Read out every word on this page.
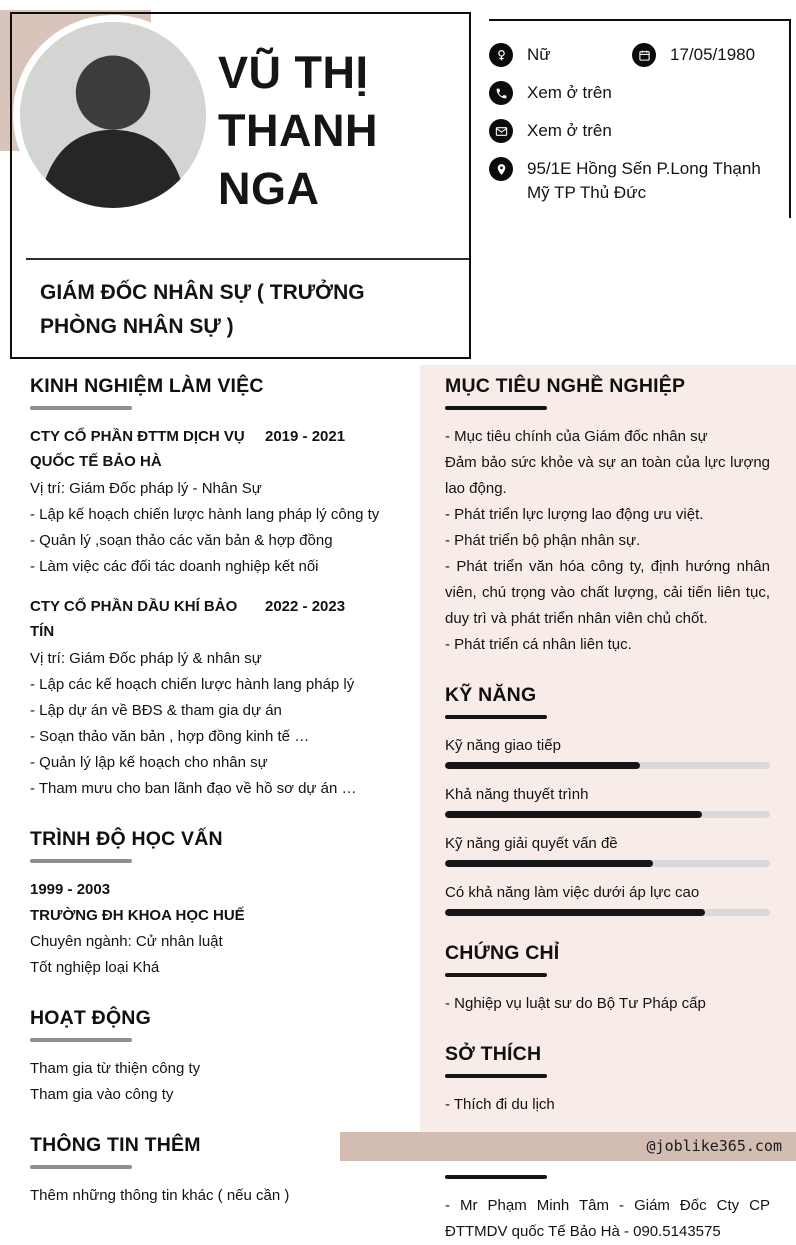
VŨ THỊ THANH NGA
GIÁM ĐỐC NHÂN SỰ ( TRƯỞNG PHÒNG NHÂN SỰ )
Nữ	17/05/1980
Xem ở trên
Xem ở trên
95/1E Hồng Sến P.Long Thạnh Mỹ TP Thủ Đức
KINH NGHIỆM LÀM VIỆC
CTY CỔ PHẦN ĐTTM DỊCH VỤ QUỐC TẾ BẢO HÀ
2019 - 2021
Vị trí: Giám Đốc pháp lý - Nhân Sự
- Lập kế hoạch chiến lược hành lang pháp lý công ty
- Quản lý ,soạn thảo các văn bản & hợp đồng
- Làm việc các đối tác doanh nghiệp kết nối
CTY CỔ PHẦN DẦU KHÍ BẢO TÍN
2022 - 2023
Vị trí: Giám Đốc pháp lý & nhân sự
- Lập các kế hoạch chiến lược hành lang pháp lý
- Lập dự án về BĐS & tham gia dự án
- Soạn thảo văn bản , hợp đồng kinh tế …
- Quản lý lập kế hoạch cho nhân sự
- Tham mưu cho ban lãnh đạo về hồ sơ dự án …
TRÌNH ĐỘ HỌC VẤN
1999 - 2003
TRƯỜNG ĐH KHOA HỌC HUẾ
Chuyên ngành: Cử nhân luật
Tốt nghiệp loại Khá
HOẠT ĐỘNG
Tham gia từ thiện công ty
Tham gia vào công ty
THÔNG TIN THÊM
Thêm những thông tin khác ( nếu cần )
MỤC TIÊU NGHỀ NGHIỆP
- Mục tiêu chính của Giám đốc nhân sự
Đảm bảo sức khỏe và sự an toàn của lực lượng lao động.
- Phát triển lực lượng lao động ưu việt.
- Phát triển bộ phận nhân sự.
- Phát triển văn hóa công ty, định hướng nhân viên, chú trọng vào chất lượng, cải tiến liên tục, duy trì và phát triển nhân viên chủ chốt.
- Phát triển cá nhân liên tục.
KỸ NĂNG
Kỹ năng giao tiếp
Khả năng thuyết trình
Kỹ năng giải quyết vấn đề
Có khả năng làm việc dưới áp lực cao
CHỨNG CHỈ
- Nghiệp vụ luật sư do Bộ Tư Pháp cấp
SỞ THÍCH
- Thích đi du lịch
- Mr Phạm Minh Tâm - Giám Đốc Cty CP ĐTTMDV quốc Tế Bảo Hà - 090.5143575
@joblike365.com
